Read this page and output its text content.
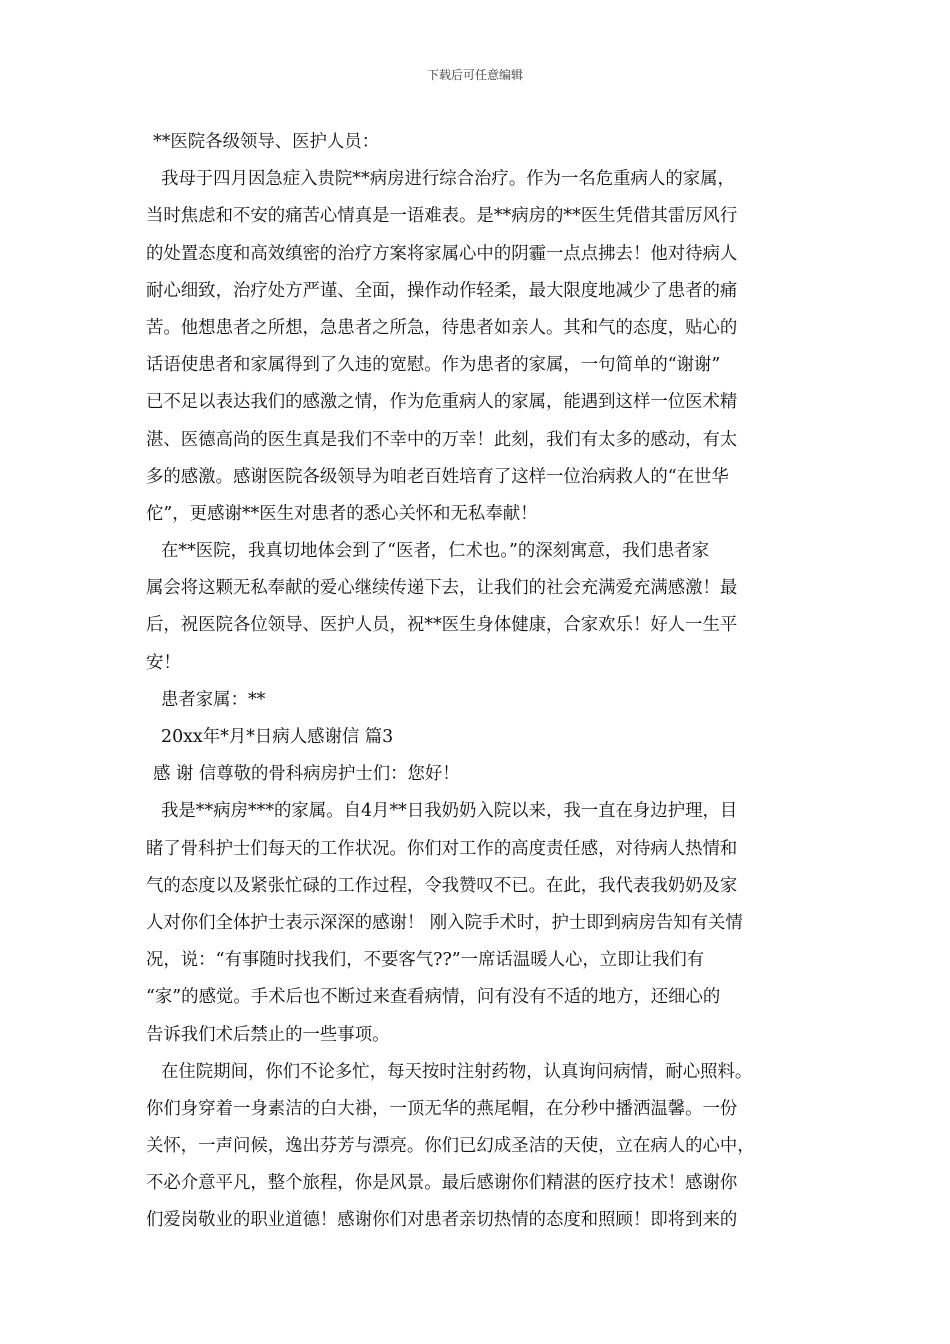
下载后可任意编辑
**医院各级领导、医护人员：
我母于四月因急症入贵院**病房进行综合治疗。作为一名危重病人的家属，
当时焦虑和不安的痛苦心情真是一语难表。是**病房的**医生凭借其雷厉风行
的处置态度和高效缜密的治疗方案将家属心中的阴霾一点点拂去！他对待病人
耐心细致，治疗处方严谨、全面，操作动作轻柔，最大限度地减少了患者的痛
苦。他想患者之所想，急患者之所急，待患者如亲人。其和气的态度，贴心的
话语使患者和家属得到了久违的宽慰。作为患者的家属，一句简单的“谢谢”
已不足以表达我们的感激之情，作为危重病人的家属，能遇到这样一位医术精
湛、医德高尚的医生真是我们不幸中的万幸！此刻，我们有太多的感动，有太
多的感激。感谢医院各级领导为咱老百姓培育了这样一位治病救人的“在世华
佗”，更感谢**医生对患者的悉心关怀和无私奉献！
在**医院，我真切地体会到了“医者，仁术也。”的深刻寓意，我们患者家
属会将这颗无私奉献的爱心继续传递下去，让我们的社会充满爱充满感激！最
后，祝医院各位领导、医护人员，祝**医生身体健康，合家欢乐！好人一生平
安！
患者家属：**
20xx年*月*日病人感谢信 篇3
感 谢 信尊敬的骨科病房护士们：您好！
我是**病房***的家属。自4月**日我奶奶入院以来，我一直在身边护理，目
睹了骨科护士们每天的工作状况。你们对工作的高度责任感，对待病人热情和
气的态度以及紧张忙碌的工作过程，令我赞叹不已。在此，我代表我奶奶及家
人对你们全体护士表示深深的感谢！ 刚入院手术时，护士即到病房告知有关情
况，说：“有事随时找我们，不要客气??”一席话温暖人心，立即让我们有
“家”的感觉。手术后也不断过来查看病情，问有没有不适的地方，还细心的
告诉我们术后禁止的一些事项。
在住院期间，你们不论多忙，每天按时注射药物，认真询问病情，耐心照料。
你们身穿着一身素洁的白大褂，一顶无华的燕尾帽，在分秒中播洒温馨。一份
关怀，一声问候，逸出芬芳与漂亮。你们已幻成圣洁的天使，立在病人的心中，
不必介意平凡，整个旅程，你是风景。最后感谢你们精湛的医疗技术！感谢你
们爱岗敬业的职业道德！感谢你们对患者亲切热情的态度和照顾！即将到来的
